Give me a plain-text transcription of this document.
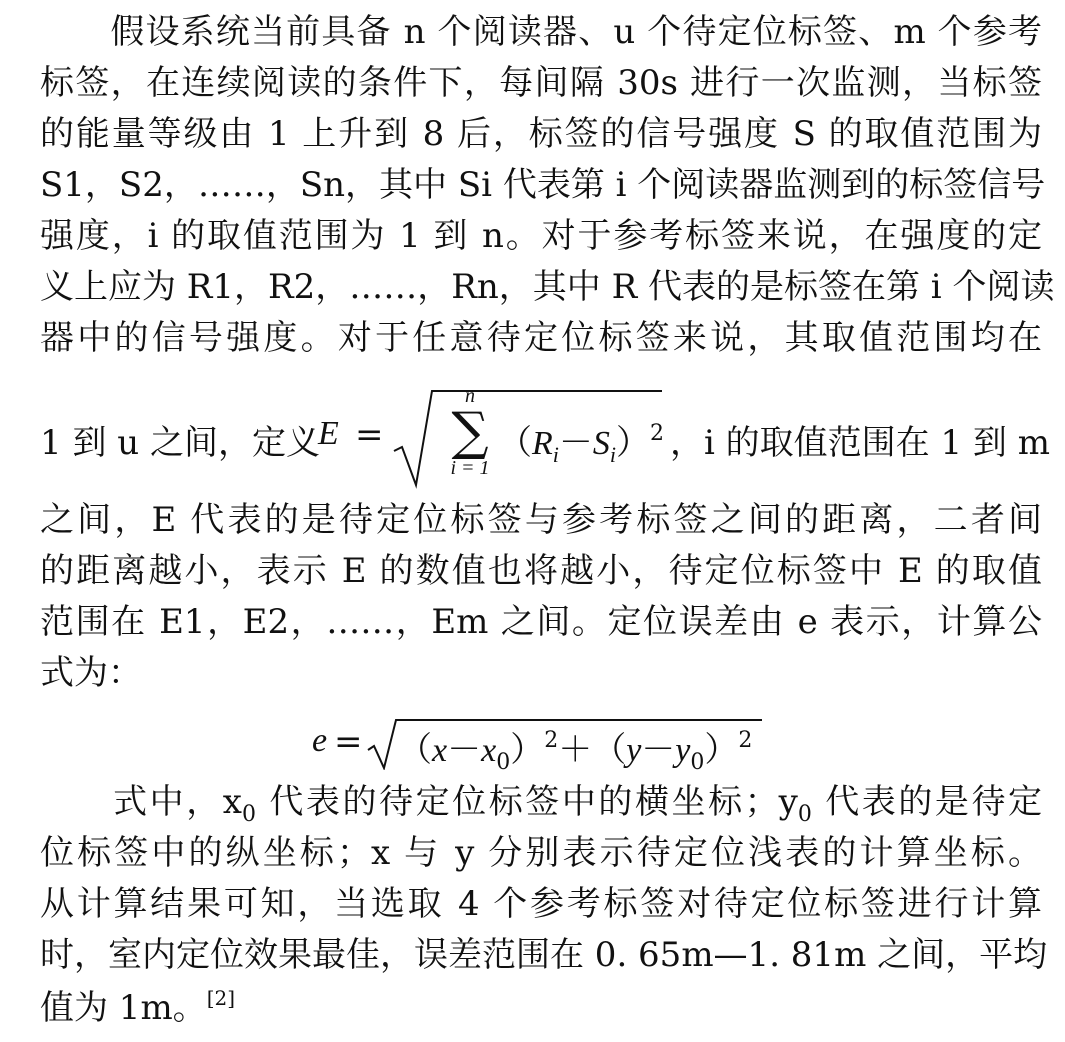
　　假设系统当前具备 n 个阅读器、u 个待定位标签、m 个参考
标签，在连续阅读的条件下，每间隔 30s 进行一次监测，当标签
的能量等级由 1 上升到 8 后，标签的信号强度 S 的取值范围为
S1，S2，……，Sn，其中 Si 代表第 i 个阅读器监测到的标签信号
强度，i 的取值范围为 1 到 n。对于参考标签来说，在强度的定
义上应为 R1，R2，……，Rn，其中 R 代表的是标签在第 i 个阅读
器中的信号强度。对于任意待定位标签来说，其取值范围均在
1 到 u 之间，定义
E =
n
∑
i = 1
$(R_i-S_i)^2$ ，i 的取值范围在 1 到 m
之间，E 代表的是待定位标签与参考标签之间的距离，二者间
的距离越小，表示 E 的数值也将越小，待定位标签中 E 的取值
范围在 E1，E2，……，Em 之间。定位误差由 e 表示，计算公
式为：
$e = (x-x_0)^2+(y-y_0)^2$
　　式中，$x_0$ 代表的待定位标签中的横坐标；$y_0$ 代表的是待定
位标签中的纵坐标；x 与 y 分别表示待定位浅表的计算坐标。
从计算结果可知，当选取 4 个参考标签对待定位标签进行计算
时，室内定位效果最佳，误差范围在 0. 65m—1. 81m 之间，平均
值为 1m。[2]
